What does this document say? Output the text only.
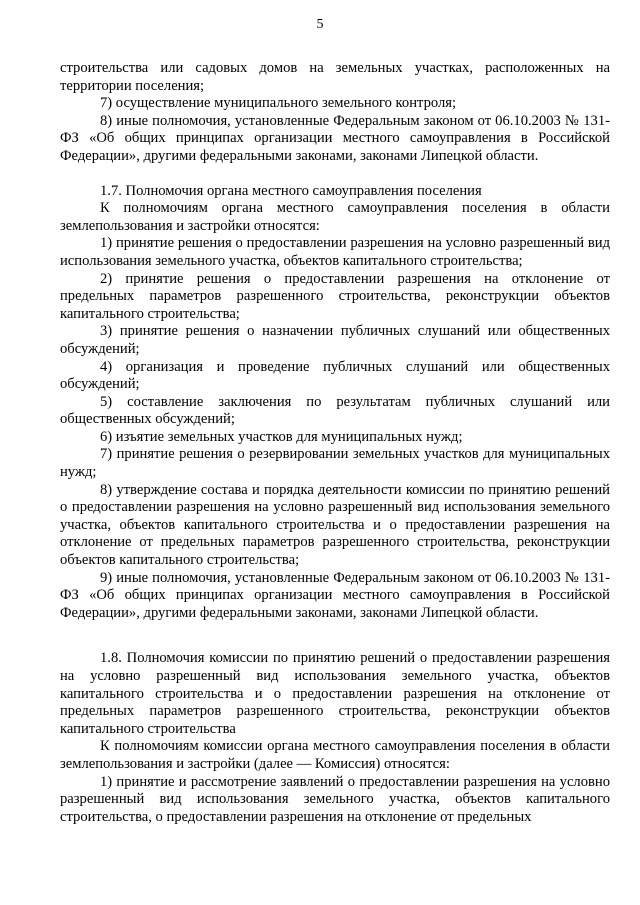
5

строительства или садовых домов на земельных участках, расположенных на территории поселения;

7) осуществление муниципального земельного контроля;

8) иные полномочия, установленные Федеральным законом от 06.10.2003 № 131-ФЗ «Об общих принципах организации местного самоуправления в Российской Федерации», другими федеральными законами, законами Липецкой области.

1.7. Полномочия органа местного самоуправления поселения

К полномочиям органа местного самоуправления поселения в области землепользования и застройки относятся:

1) принятие решения о предоставлении разрешения на условно разрешенный вид использования земельного участка, объектов капитального строительства;

2) принятие решения о предоставлении разрешения на отклонение от предельных параметров разрешенного строительства, реконструкции объектов капитального строительства;

3) принятие решения о назначении публичных слушаний или общественных обсуждений;

4) организация и проведение публичных слушаний или общественных обсуждений;

5) составление заключения по результатам публичных слушаний или общественных обсуждений;

6) изъятие земельных участков для муниципальных нужд;

7) принятие решения о резервировании земельных участков для муниципальных нужд;

8) утверждение состава и порядка деятельности комиссии по принятию решений о предоставлении разрешения на условно разрешенный вид использования земельного участка, объектов капитального строительства и о предоставлении разрешения на отклонение от предельных параметров разрешенного строительства, реконструкции объектов капитального строительства;

9) иные полномочия, установленные Федеральным законом от 06.10.2003 № 131-ФЗ «Об общих принципах организации местного самоуправления в Российской Федерации», другими федеральными законами, законами Липецкой области.

1.8. Полномочия комиссии по принятию решений о предоставлении разрешения на условно разрешенный вид использования земельного участка, объектов капитального строительства и о предоставлении разрешения на отклонение от предельных параметров разрешенного строительства, реконструкции объектов капитального строительства

К полномочиям комиссии органа местного самоуправления поселения в области землепользования и застройки (далее — Комиссия) относятся:

1) принятие и рассмотрение заявлений о предоставлении разрешения на условно разрешенный вид использования земельного участка, объектов капитального строительства, о предоставлении разрешения на отклонение от предельных
